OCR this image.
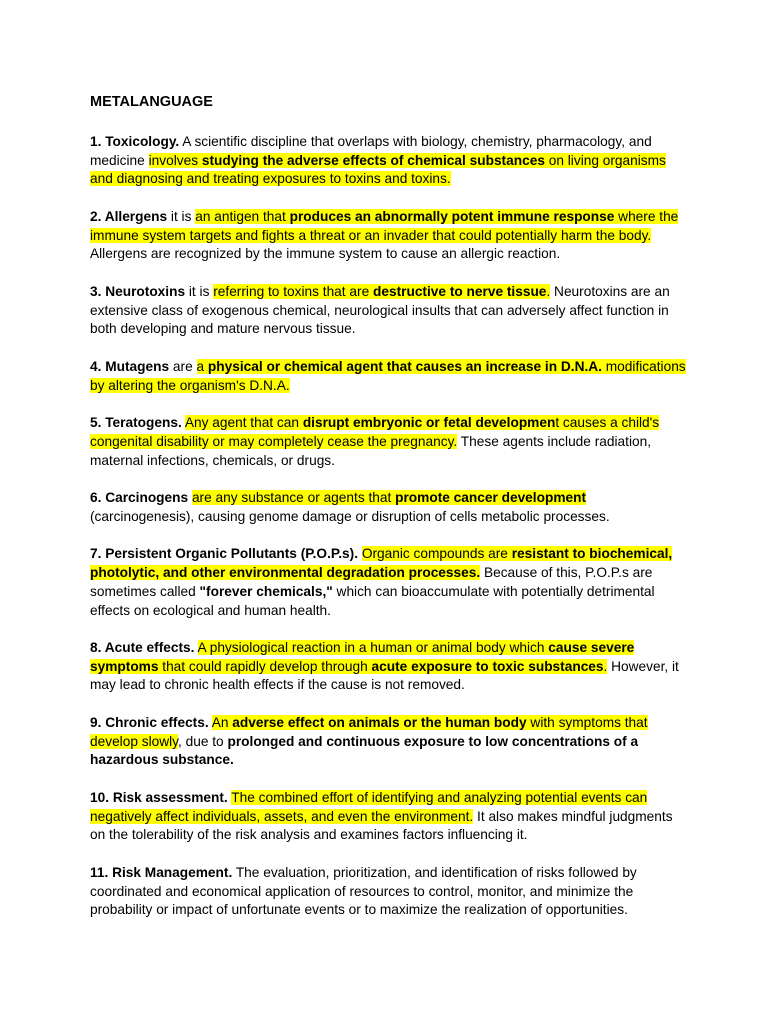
METALANGUAGE
1. Toxicology. A scientific discipline that overlaps with biology, chemistry, pharmacology, and medicine involves studying the adverse effects of chemical substances on living organisms and diagnosing and treating exposures to toxins and toxins.
2. Allergens it is an antigen that produces an abnormally potent immune response where the immune system targets and fights a threat or an invader that could potentially harm the body. Allergens are recognized by the immune system to cause an allergic reaction.
3. Neurotoxins it is referring to toxins that are destructive to nerve tissue. Neurotoxins are an extensive class of exogenous chemical, neurological insults that can adversely affect function in both developing and mature nervous tissue.
4. Mutagens are a physical or chemical agent that causes an increase in D.N.A. modifications by altering the organism's D.N.A.
5. Teratogens. Any agent that can disrupt embryonic or fetal development causes a child's congenital disability or may completely cease the pregnancy. These agents include radiation, maternal infections, chemicals, or drugs.
6. Carcinogens are any substance or agents that promote cancer development (carcinogenesis), causing genome damage or disruption of cells metabolic processes.
7. Persistent Organic Pollutants (P.O.P.s). Organic compounds are resistant to biochemical, photolytic, and other environmental degradation processes. Because of this, P.O.P.s are sometimes called "forever chemicals," which can bioaccumulate with potentially detrimental effects on ecological and human health.
8. Acute effects. A physiological reaction in a human or animal body which cause severe symptoms that could rapidly develop through acute exposure to toxic substances. However, it may lead to chronic health effects if the cause is not removed.
9. Chronic effects. An adverse effect on animals or the human body with symptoms that develop slowly, due to prolonged and continuous exposure to low concentrations of a hazardous substance.
10. Risk assessment. The combined effort of identifying and analyzing potential events can negatively affect individuals, assets, and even the environment. It also makes mindful judgments on the tolerability of the risk analysis and examines factors influencing it.
11. Risk Management. The evaluation, prioritization, and identification of risks followed by coordinated and economical application of resources to control, monitor, and minimize the probability or impact of unfortunate events or to maximize the realization of opportunities.
